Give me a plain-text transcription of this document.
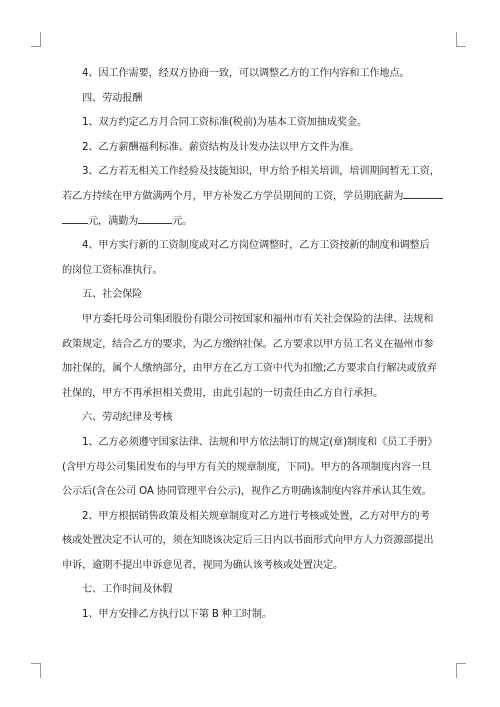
4、因工作需要，经双方协商一致，可以调整乙方的工作内容和工作地点。

四、劳动报酬

1、双方约定乙方月合同工资标准(税前)为基本工资加抽成奖金。

2、乙方薪酬福利标准、薪资结构及计发办法以甲方文件为准。

3、乙方若无相关工作经验及技能知识，甲方给予相关培训，培训期间暂无工资，

若乙方持续在甲方做满两个月，甲方补发乙方学员期间的工资，学员期底薪为

元，满勤为	元。

4、甲方实行新的工资制度或对乙方岗位调整时，乙方工资按新的制度和调整后

的岗位工资标准执行。

五、社会保险

甲方委托母公司集团股份有限公司按国家和福州市有关社会保险的法律、法规和

政策规定，结合乙方的要求，为乙方缴纳社保。乙方要求以甲方员工名义在福州市参

加社保的，属个人缴纳部分，由甲方在乙方工资中代为扣缴;乙方要求自行解决或放弃

社保的，甲方不再承担相关费用，由此引起的一切责任由乙方自行承担。

六、劳动纪律及考核

1、乙方必须遵守国家法律、法规和甲方依法制订的规定(章)制度和《员工手册》

(含甲方母公司集团发布的与甲方有关的规章制度，下同)。甲方的各项制度内容一旦

公示后(含在公司 OA 协同管理平台公示)，视作乙方明确该制度内容并承认其生效。

2、甲方根据销售政策及相关规章制度对乙方进行考核或处置，乙方对甲方的考

核或处置决定不认可的，须在知晓该决定后三日内以书面形式向甲方人力资源部提出

申诉，逾期不提出申诉意见者，视同为确认该考核或处置决定。

七、工作时间及休假

1、甲方安排乙方执行以下第 B 种工时制。
